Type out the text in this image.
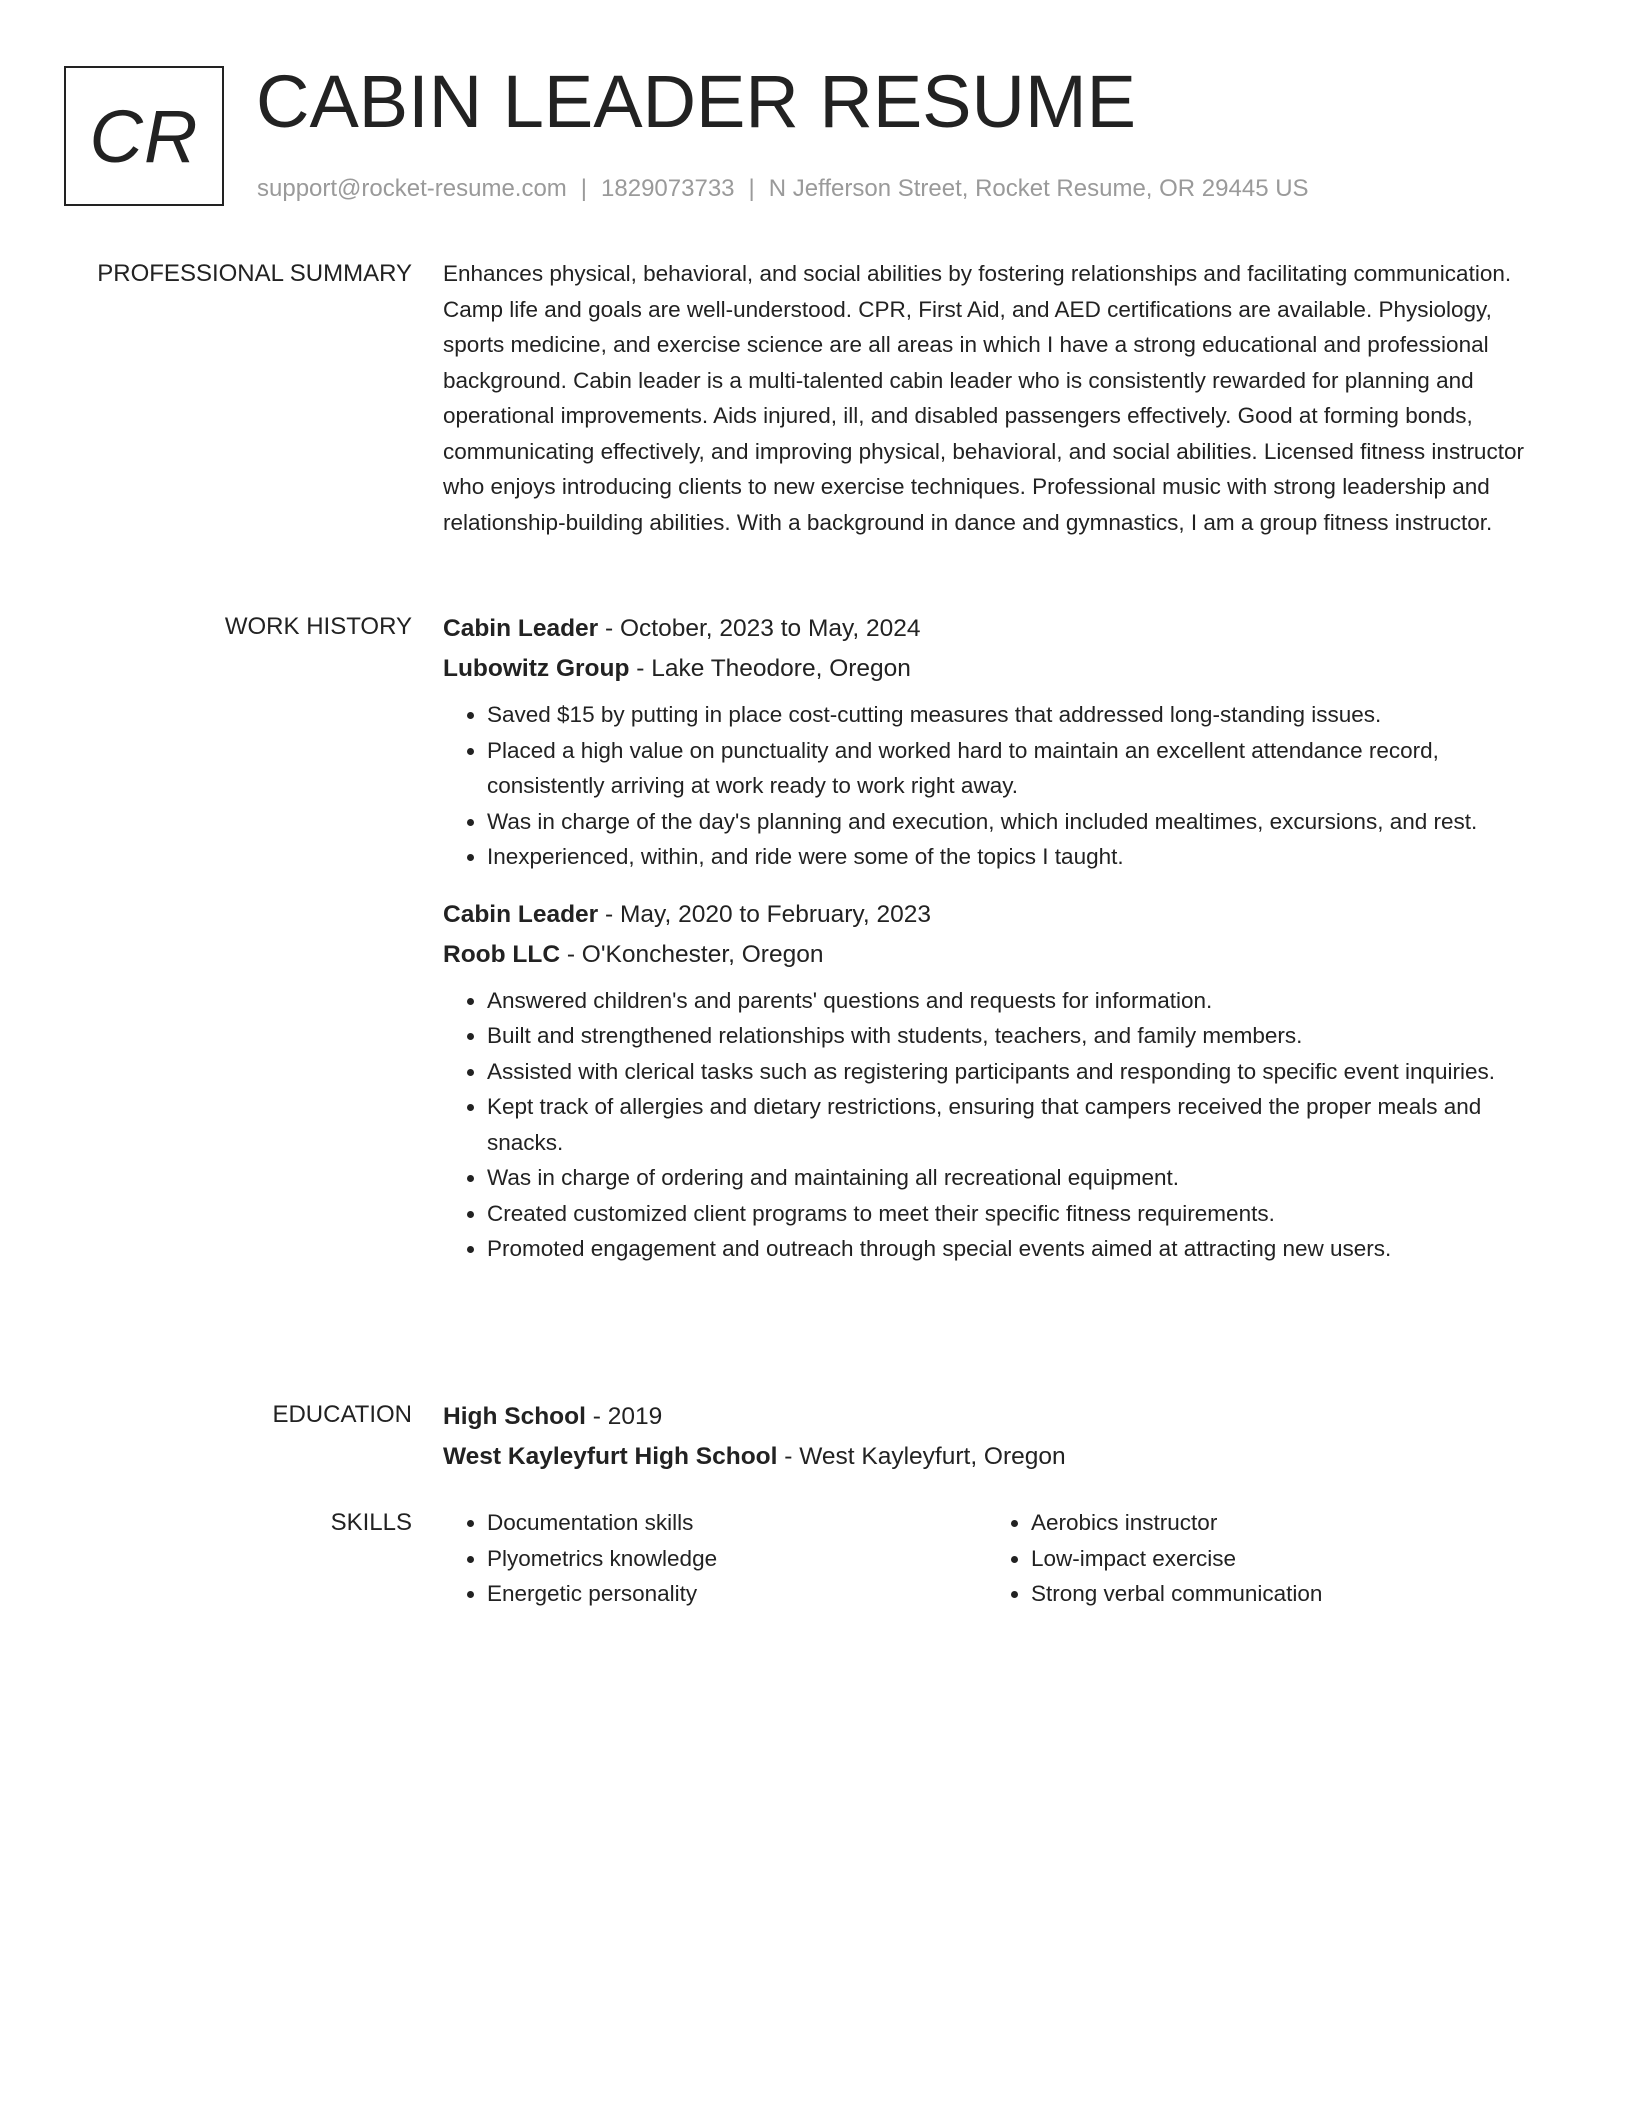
CR CABIN LEADER RESUME
support@rocket-resume.com | 1829073733 | N Jefferson Street, Rocket Resume, OR 29445 US
PROFESSIONAL SUMMARY Enhances physical, behavioral, and social abilities by fostering relationships and facilitating communication. Camp life and goals are well-understood. CPR, First Aid, and AED certifications are available. Physiology, sports medicine, and exercise science are all areas in which I have a strong educational and professional background. Cabin leader is a multi-talented cabin leader who is consistently rewarded for planning and operational improvements. Aids injured, ill, and disabled passengers effectively. Good at forming bonds, communicating effectively, and improving physical, behavioral, and social abilities. Licensed fitness instructor who enjoys introducing clients to new exercise techniques. Professional music with strong leadership and relationship-building abilities. With a background in dance and gymnastics, I am a group fitness instructor.

WORK HISTORY Cabin Leader - October, 2023 to May, 2024
Lubowitz Group - Lake Theodore, Oregon
• Saved $15 by putting in place cost-cutting measures that addressed long-standing issues.
• Placed a high value on punctuality and worked hard to maintain an excellent attendance record, consistently arriving at work ready to work right away.
• Was in charge of the day's planning and execution, which included mealtimes, excursions, and rest.
• Inexperienced, within, and ride were some of the topics I taught.
Cabin Leader - May, 2020 to February, 2023
Roob LLC - O'Konchester, Oregon
• Answered children's and parents' questions and requests for information.
• Built and strengthened relationships with students, teachers, and family members.
• Assisted with clerical tasks such as registering participants and responding to specific event inquiries.
• Kept track of allergies and dietary restrictions, ensuring that campers received the proper meals and snacks.
• Was in charge of ordering and maintaining all recreational equipment.
• Created customized client programs to meet their specific fitness requirements.
• Promoted engagement and outreach through special events aimed at attracting new users.
EDUCATION High School - 2019
West Kayleyfurt High School - West Kayleyfurt, Oregon
SKILLS
•	Documentation skills
• Plyometrics knowledge
• Energetic personality
• Aerobics instructor
• Low-impact exercise
• Strong verbal communication
